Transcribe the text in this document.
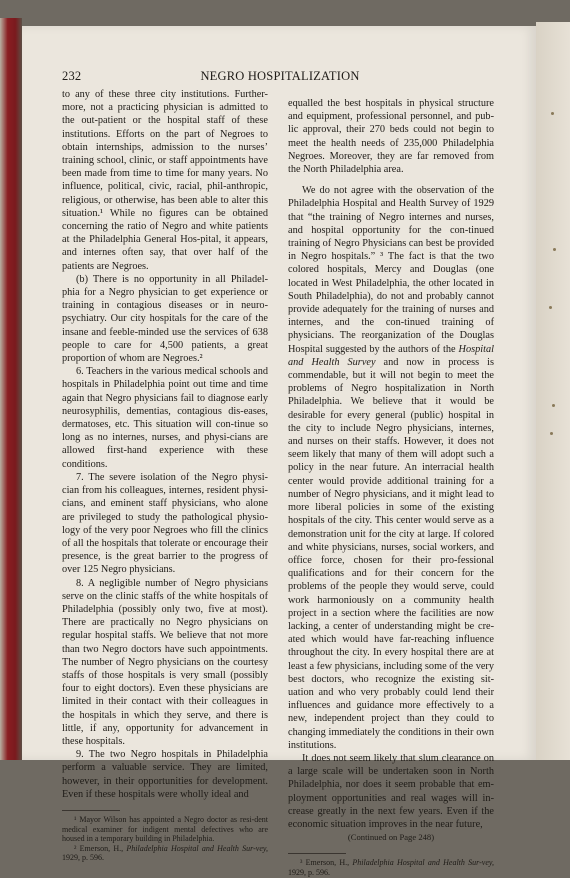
232	NEGRO HOSPITALIZATION

to any of these three city institutions. Further-more, not a practicing physician is admitted to the out-patient or the hospital staff of these institutions. Efforts on the part of Negroes to obtain internships, admission to the nurses’ training school, clinic, or staff appointments have been made from time to time for many years. No influence, political, civic, racial, phil-anthropic, religious, or otherwise, has been able to alter this situation.¹ While no figures can be obtained concerning the ratio of Negro and white patients at the Philadelphia General Hos-pital, it appears, and internes often say, that over half of the patients are Negroes.

(b) There is no opportunity in all Philadel-phia for a Negro physician to get experience or training in contagious diseases or in neuro-psychiatry. Our city hospitals for the care of the insane and feeble-minded use the services of 638 people to care for 4,500 patients, a great proportion of whom are Negroes.²

6. Teachers in the various medical schools and hospitals in Philadelphia point out time and time again that Negro physicians fail to diagnose early neurosyphilis, dementias, contagious dis-eases, dermatoses, etc. This situation will con-tinue so long as no internes, nurses, and physi-cians are allowed first-hand experience with these conditions.

7. The severe isolation of the Negro physi-cian from his colleagues, internes, resident physi-cians, and eminent staff physicians, who alone are privileged to study the pathological physio-logy of the very poor Negroes who fill the clinics of all the hospitals that tolerate or encourage their presence, is the great barrier to the progress of over 125 Negro physicians.

8. A negligible number of Negro physicians serve on the clinic staffs of the white hospitals of Philadelphia (possibly only two, five at most). There are practically no Negro physicians on regular hospital staffs. We believe that not more than two Negro doctors have such appointments. The number of Negro physicians on the courtesy staffs of those hospitals is very small (possibly four to eight doctors). Even these physicians are limited in their contact with their colleagues in the hospitals in which they serve, and there is little, if any, opportunity for advancement in these hospitals.

9. The two Negro hospitals in Philadelphia perform a valuable service. They are limited, however, in their opportunities for development. Even if these hospitals were wholly ideal and

¹ Mayor Wilson has appointed a Negro doctor as resi-dent medical examiner for indigent mental defectives who are housed in a temporary building in Philadelphia.

² Emerson, H., Philadelphia Hospital and Health Sur-vey, 1929, p. 596.

equalled the best hospitals in physical structure and equipment, professional personnel, and pub-lic approval, their 270 beds could not begin to meet the health needs of 235,000 Philadelphia Negroes. Moreover, they are far removed from the North Philadelphia area.

We do not agree with the observation of the Philadelphia Hospital and Health Survey of 1929 that “the training of Negro internes and nurses, and hospital opportunity for the con-tinued training of Negro Physicians can best be provided in Negro hospitals.” ³ The fact is that the two colored hospitals, Mercy and Douglas (one located in West Philadelphia, the other located in South Philadelphia), do not and probably cannot provide adequately for the training of nurses and internes, and the con-tinued training of physicians. The reorganization of the Douglas Hospital suggested by the authors of the Hospital and Health Survey and now in process is commendable, but it will not begin to meet the problems of Negro hospitalization in North Philadelphia. We believe that it would be desirable for every general (public) hospital in the city to include Negro physicians, internes, and nurses on their staffs. However, it does not seem likely that many of them will adopt such a policy in the near future. An interracial health center would provide additional training for a number of Negro physicians, and it might lead to more liberal policies in some of the existing hospitals of the city. This center would serve as a demonstration unit for the city at large. If colored and white physicians, nurses, social workers, and office force, chosen for their pro-fessional qualifications and for their concern for the problems of the people they would serve, could work harmoniously on a community health project in a section where the facilities are now lacking, a center of understanding might be cre-ated which would have far-reaching influence throughout the city. In every hospital there are at least a few physicians, including some of the very best doctors, who recognize the existing sit-uation and who very probably could lend their influences and guidance more effectively to a new, independent project than they could to changing immediately the conditions in their own institutions.

It does not seem likely that slum clearance on a large scale will be undertaken soon in North Philadelphia, nor does it seem probable that em-ployment opportunities and real wages will in-crease greatly in the next few years. Even if the economic situation improves in the near future,

(Continued on Page 248)

³ Emerson, H., Philadelphia Hospital and Health Sur-vey, 1929, p. 596.
